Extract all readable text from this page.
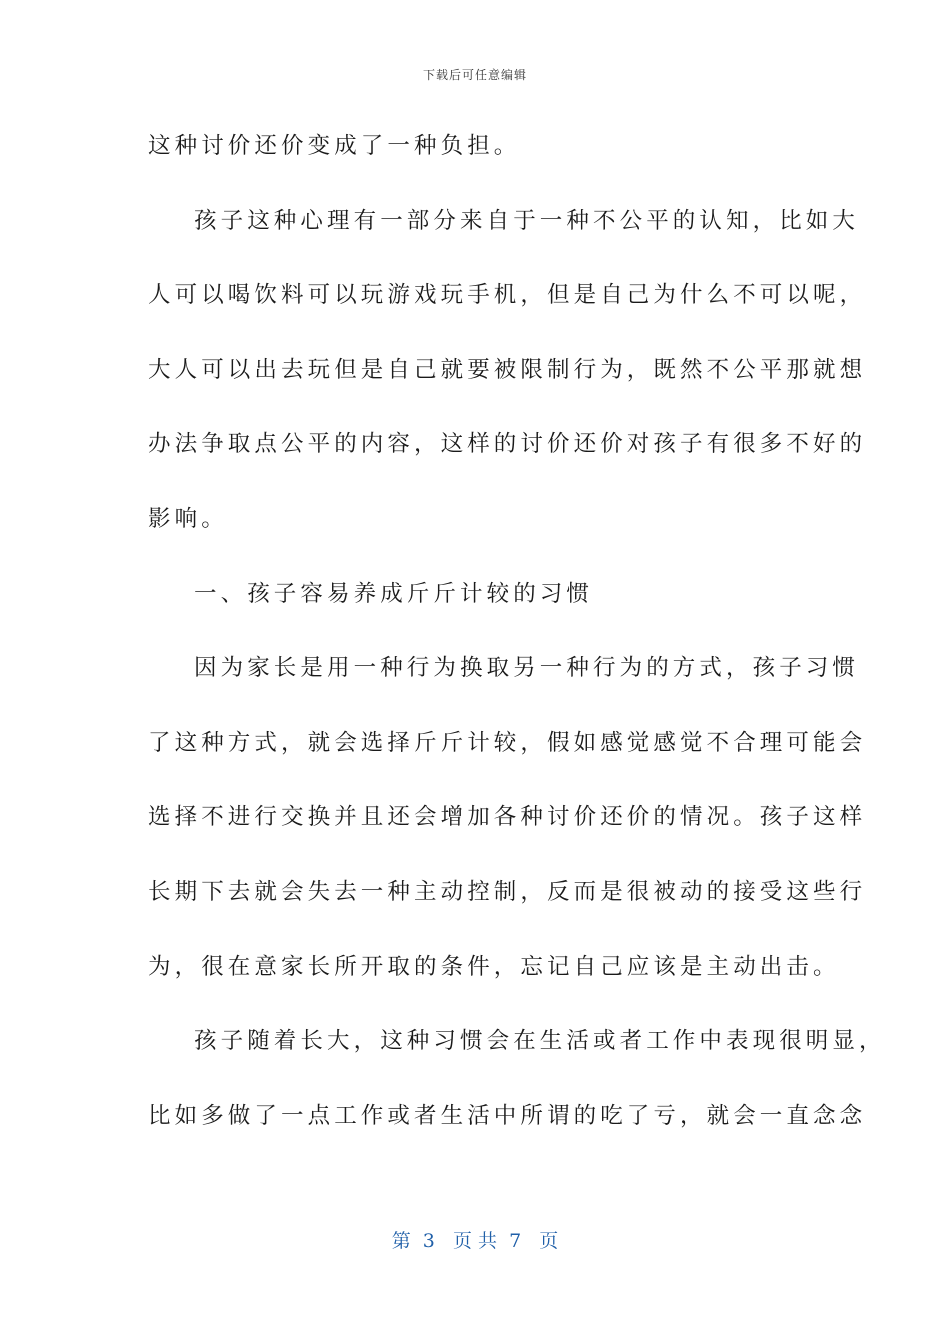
下载后可任意编辑
这种讨价还价变成了一种负担。
孩子这种心理有一部分来自于一种不公平的认知，比如大
人可以喝饮料可以玩游戏玩手机，但是自己为什么不可以呢，
大人可以出去玩但是自己就要被限制行为，既然不公平那就想
办法争取点公平的内容，这样的讨价还价对孩子有很多不好的
影响。
一、孩子容易养成斤斤计较的习惯
因为家长是用一种行为换取另一种行为的方式，孩子习惯
了这种方式，就会选择斤斤计较，假如感觉感觉不合理可能会
选择不进行交换并且还会增加各种讨价还价的情况。孩子这样
长期下去就会失去一种主动控制，反而是很被动的接受这些行
为，很在意家长所开取的条件，忘记自己应该是主动出击。
孩子随着长大，这种习惯会在生活或者工作中表现很明显，
比如多做了一点工作或者生活中所谓的吃了亏，就会一直念念
第  3   页 共  7   页
